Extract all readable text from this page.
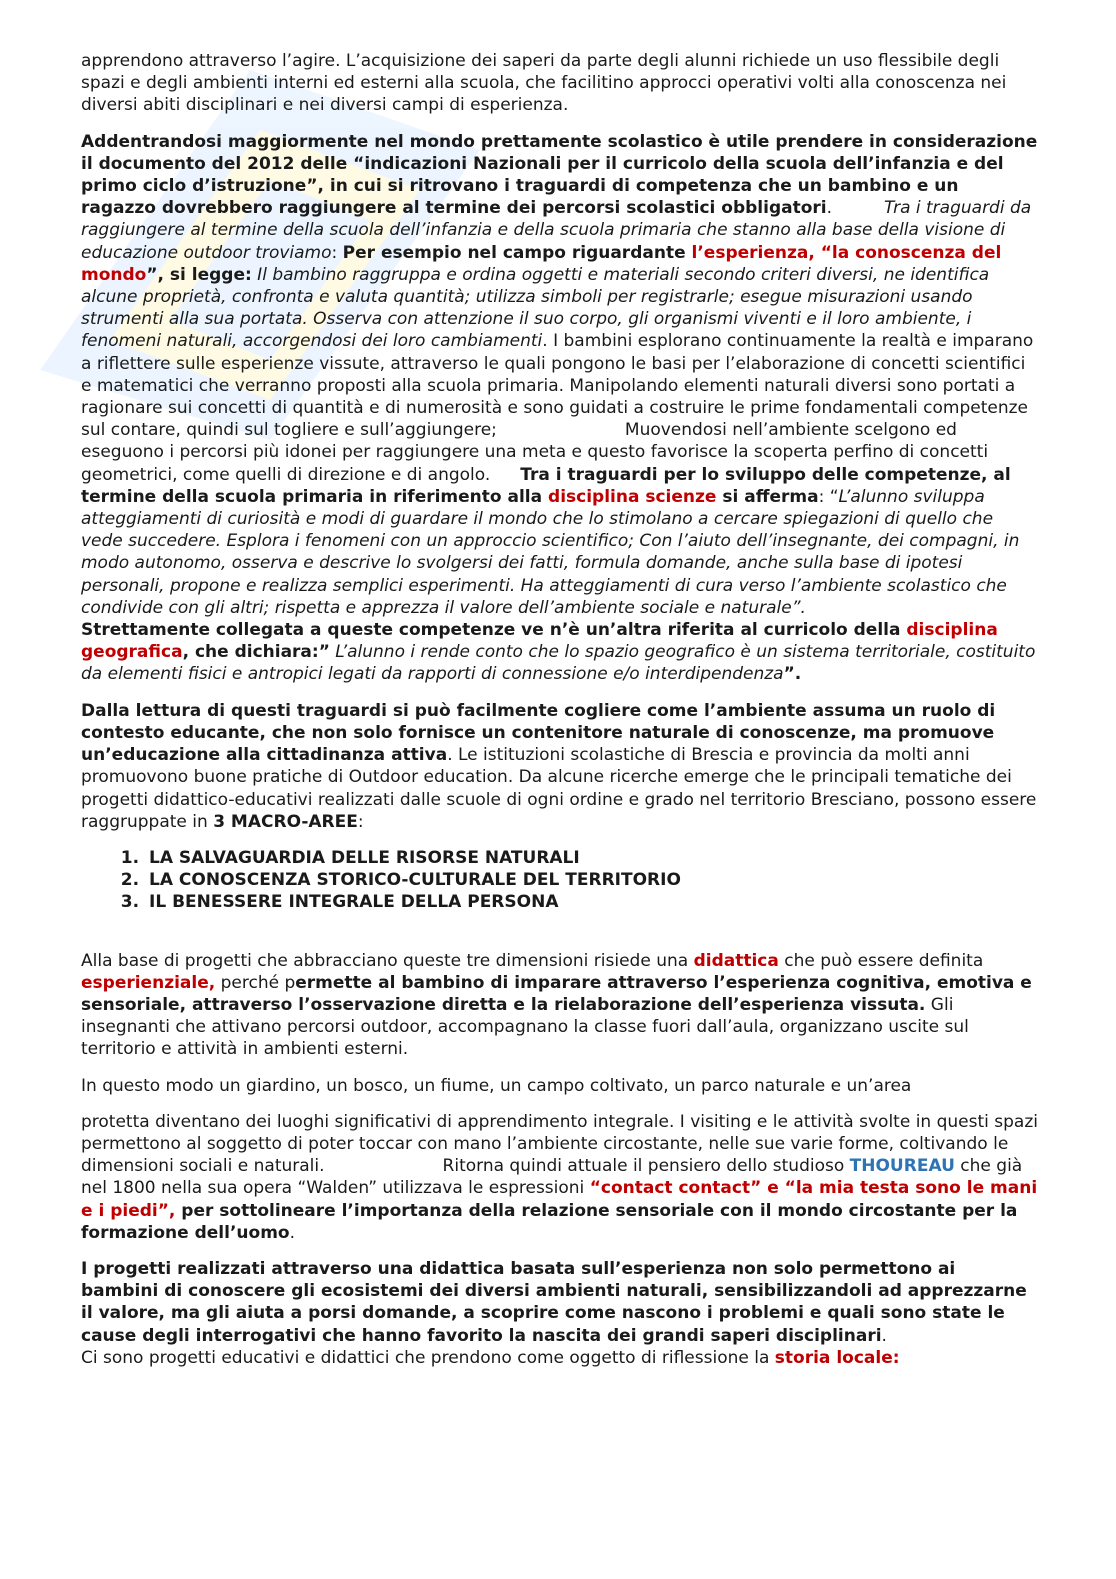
apprendono attraverso l’agire. L’acquisizione dei saperi da parte degli alunni richiede un uso flessibile degli spazi e degli ambienti interni ed esterni alla scuola, che facilitino approcci operativi volti alla conoscenza nei diversi abiti disciplinari e nei diversi campi di esperienza.

Addentrandosi maggiormente nel mondo prettamente scolastico è utile prendere in considerazione il documento del 2012 delle “indicazioni Nazionali per il curricolo della scuola dell’infanzia e del primo ciclo d’istruzione”, in cui si ritrovano i traguardi di competenza che un bambino e un ragazzo dovrebbero raggiungere al termine dei percorsi scolastici obbligatori.	Tra i traguardi da raggiungere al termine della scuola dell’infanzia e della scuola primaria che stanno alla base della visione di educazione outdoor troviamo: Per esempio nel campo riguardante l’esperienza, “la conoscenza del mondo”, si legge: Il bambino raggruppa e ordina oggetti e materiali secondo criteri diversi, ne identifica alcune proprietà, confronta e valuta quantità; utilizza simboli per registrarle; esegue misurazioni usando strumenti alla sua portata. Osserva con attenzione il suo corpo, gli organismi viventi e il loro ambiente, i fenomeni naturali, accorgendosi dei loro cambiamenti. I bambini esplorano continuamente la realtà e imparano a riflettere sulle esperienze vissute, attraverso le quali pongono le basi per l’elaborazione di concetti scientifici e matematici che verranno proposti alla scuola primaria. Manipolando elementi naturali diversi sono portati a ragionare sui concetti di quantità e di numerosità e sono guidati a costruire le prime fondamentali competenze sul contare, quindi sul togliere e sull’aggiungere;	Muovendosi nell’ambiente scelgono ed eseguono i percorsi più idonei per raggiungere una meta e questo favorisce la scoperta perfino di concetti geometrici, come quelli di direzione e di angolo. Tra i traguardi per lo sviluppo delle competenze, al termine della scuola primaria in riferimento alla disciplina scienze si afferma: “L’alunno sviluppa atteggiamenti di curiosità e modi di guardare il mondo che lo stimolano a cercare spiegazioni di quello che vede succedere. Esplora i fenomeni con un approccio scientifico; Con l’aiuto dell’insegnante, dei compagni, in modo autonomo, osserva e descrive lo svolgersi dei fatti, formula domande, anche sulla base di ipotesi personali, propone e realizza semplici esperimenti. Ha atteggiamenti di cura verso l’ambiente scolastico che condivide con gli altri; rispetta e apprezza il valore dell’ambiente sociale e naturale”.Strettamente collegata a queste competenze ve n’è un’altra riferita al curricolo della disciplina geografica, che dichiara:” L’alunno i rende conto che lo spazio geografico è un sistema territoriale, costituito da elementi fisici e antropici legati da rapporti di connessione e/o interdipendenza”.

Dalla lettura di questi traguardi si può facilmente cogliere come l’ambiente assuma un ruolo di contesto educante, che non solo fornisce un contenitore naturale di conoscenze, ma promuove un’educazione alla cittadinanza attiva. Le istituzioni scolastiche di Brescia e provincia da molti anni promuovono buone pratiche di Outdoor education. Da alcune ricerche emerge che le principali tematiche dei progetti didattico-educativi realizzati dalle scuole di ogni ordine e grado nel territorio Bresciano, possono essere raggruppate in 3 MACRO-AREE:

1. LA SALVAGUARDIA DELLE RISORSE NATURALI
2. LA CONOSCENZA STORICO-CULTURALE DEL TERRITORIO
3. IL BENESSERE INTEGRALE DELLA PERSONA

Alla base di progetti che abbracciano queste tre dimensioni risiede una didattica che può essere definita esperienziale, perché permette al bambino di imparare attraverso l’esperienza cognitiva, emotiva e sensoriale, attraverso l’osservazione diretta e la rielaborazione dell’esperienza vissuta. Gli insegnanti che attivano percorsi outdoor, accompagnano la classe fuori dall’aula, organizzano uscite sul territorio e attività in ambienti esterni.

In questo modo un giardino, un bosco, un fiume, un campo coltivato, un parco naturale e un’area

protetta diventano dei luoghi significativi di apprendimento integrale. I visiting e le attività svolte in questi spazi permettono al soggetto di poter toccar con mano l’ambiente circostante, nelle sue varie forme, coltivando le dimensioni sociali e naturali.	Ritorna quindi attuale il pensiero dello studioso THOUREAU che già nel 1800 nella sua opera “Walden” utilizzava le espressioni “contact contact” e “la mia testa sono le mani e i piedi”, per sottolineare l’importanza della relazione sensoriale con il mondo circostante per la formazione dell’uomo.

I progetti realizzati attraverso una didattica basata sull’esperienza non solo permettono ai bambini di conoscere gli ecosistemi dei diversi ambienti naturali, sensibilizzandoli ad apprezzarne il valore, ma gli aiuta a porsi domande, a scoprire come nascono i problemi e quali sono state le cause degli interrogativi che hanno favorito la nascita dei grandi saperi disciplinari.

Ci sono progetti educativi e didattici che prendono come oggetto di riflessione la storia locale:
